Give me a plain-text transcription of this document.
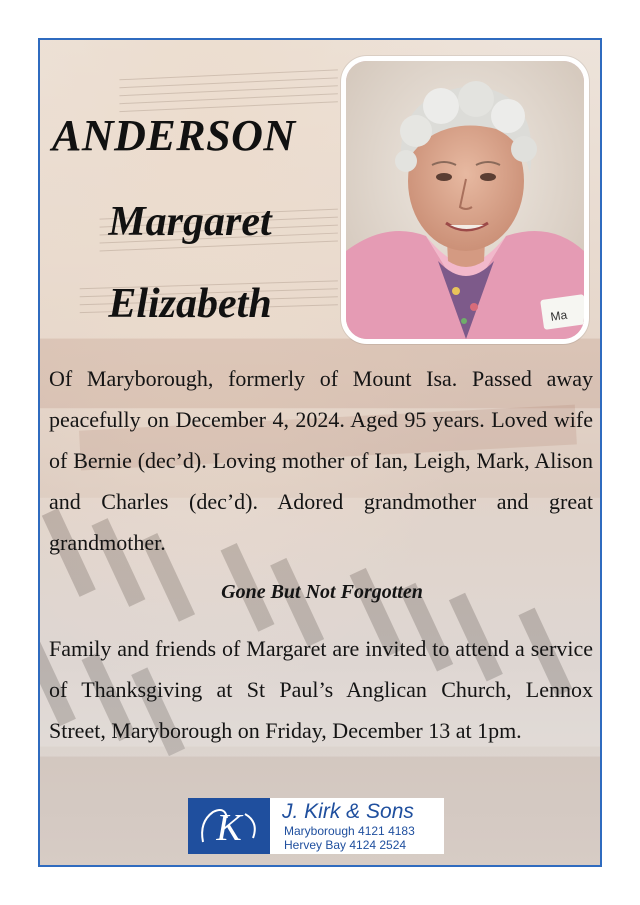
ANDERSON
Margaret
Elizabeth	Ma

Of Maryborough, formerly of Mount Isa. Passed away peacefully on December 4, 2024. Aged 95 years. Loved wife of Bernie (dec’d). Loving mother of Ian, Leigh, Mark, Alison and Charles (dec’d). Adored grandmother and great grandmother.

Gone But Not Forgotten

Family and friends of Margaret are invited to attend a service of Thanksgiving at St Paul’s Anglican Church, Lennox Street, Maryborough on Friday, December 13 at 1pm.

K J. Kirk & Sons
Maryborough 4121 4183
Hervey Bay 4124 2524
